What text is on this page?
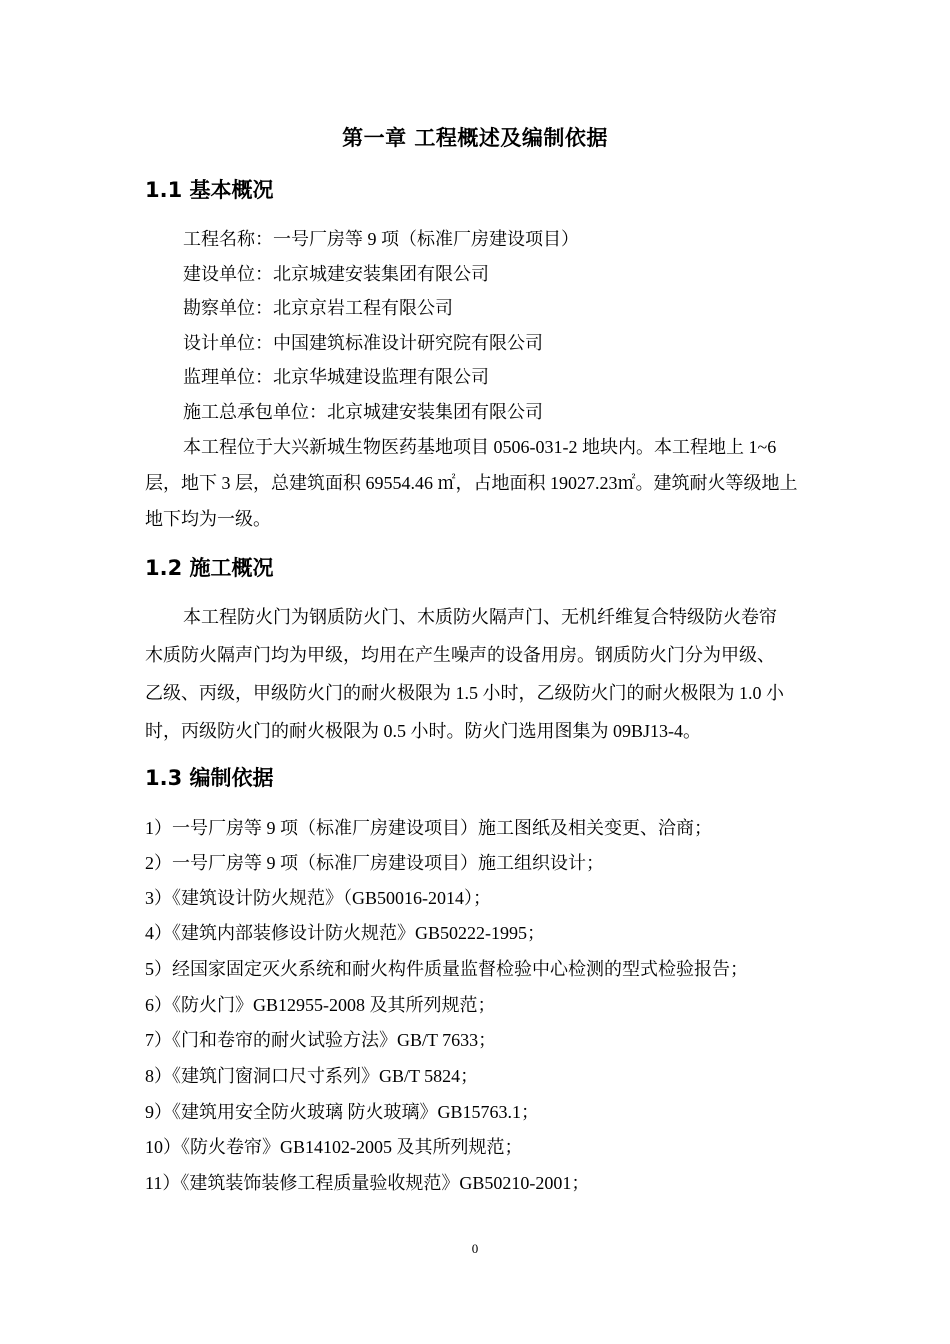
第一章 工程概述及编制依据
1.1 基本概况
工程名称：一号厂房等 9 项（标准厂房建设项目）
建设单位：北京城建安装集团有限公司
勘察单位：北京京岩工程有限公司
设计单位：中国建筑标准设计研究院有限公司
监理单位：北京华城建设监理有限公司
施工总承包单位：北京城建安装集团有限公司
本工程位于大兴新城生物医药基地项目 0506-031-2 地块内。本工程地上 1~6
层，地下 3 层，总建筑面积 69554.46 ㎡，占地面积 19027.23㎡。建筑耐火等级地上
地下均为一级。
1.2 施工概况
本工程防火门为钢质防火门、木质防火隔声门、无机纤维复合特级防火卷帘
木质防火隔声门均为甲级，均用在产生噪声的设备用房。钢质防火门分为甲级、
乙级、丙级，甲级防火门的耐火极限为 1.5 小时，乙级防火门的耐火极限为 1.0 小
时，丙级防火门的耐火极限为 0.5 小时。防火门选用图集为 09BJ13-4。
1.3 编制依据
1）一号厂房等 9 项（标准厂房建设项目）施工图纸及相关变更、洽商；
2）一号厂房等 9 项（标准厂房建设项目）施工组织设计；
3）《建筑设计防火规范》（GB50016-2014）；
4）《建筑内部装修设计防火规范》GB50222-1995；
5）经国家固定灭火系统和耐火构件质量监督检验中心检测的型式检验报告；
6）《防火门》GB12955-2008 及其所列规范；
7）《门和卷帘的耐火试验方法》GB/T 7633；
8）《建筑门窗洞口尺寸系列》GB/T 5824；
9）《建筑用安全防火玻璃 防火玻璃》GB15763.1；
10）《防火卷帘》GB14102-2005 及其所列规范；
11）《建筑装饰装修工程质量验收规范》GB50210-2001；
0
